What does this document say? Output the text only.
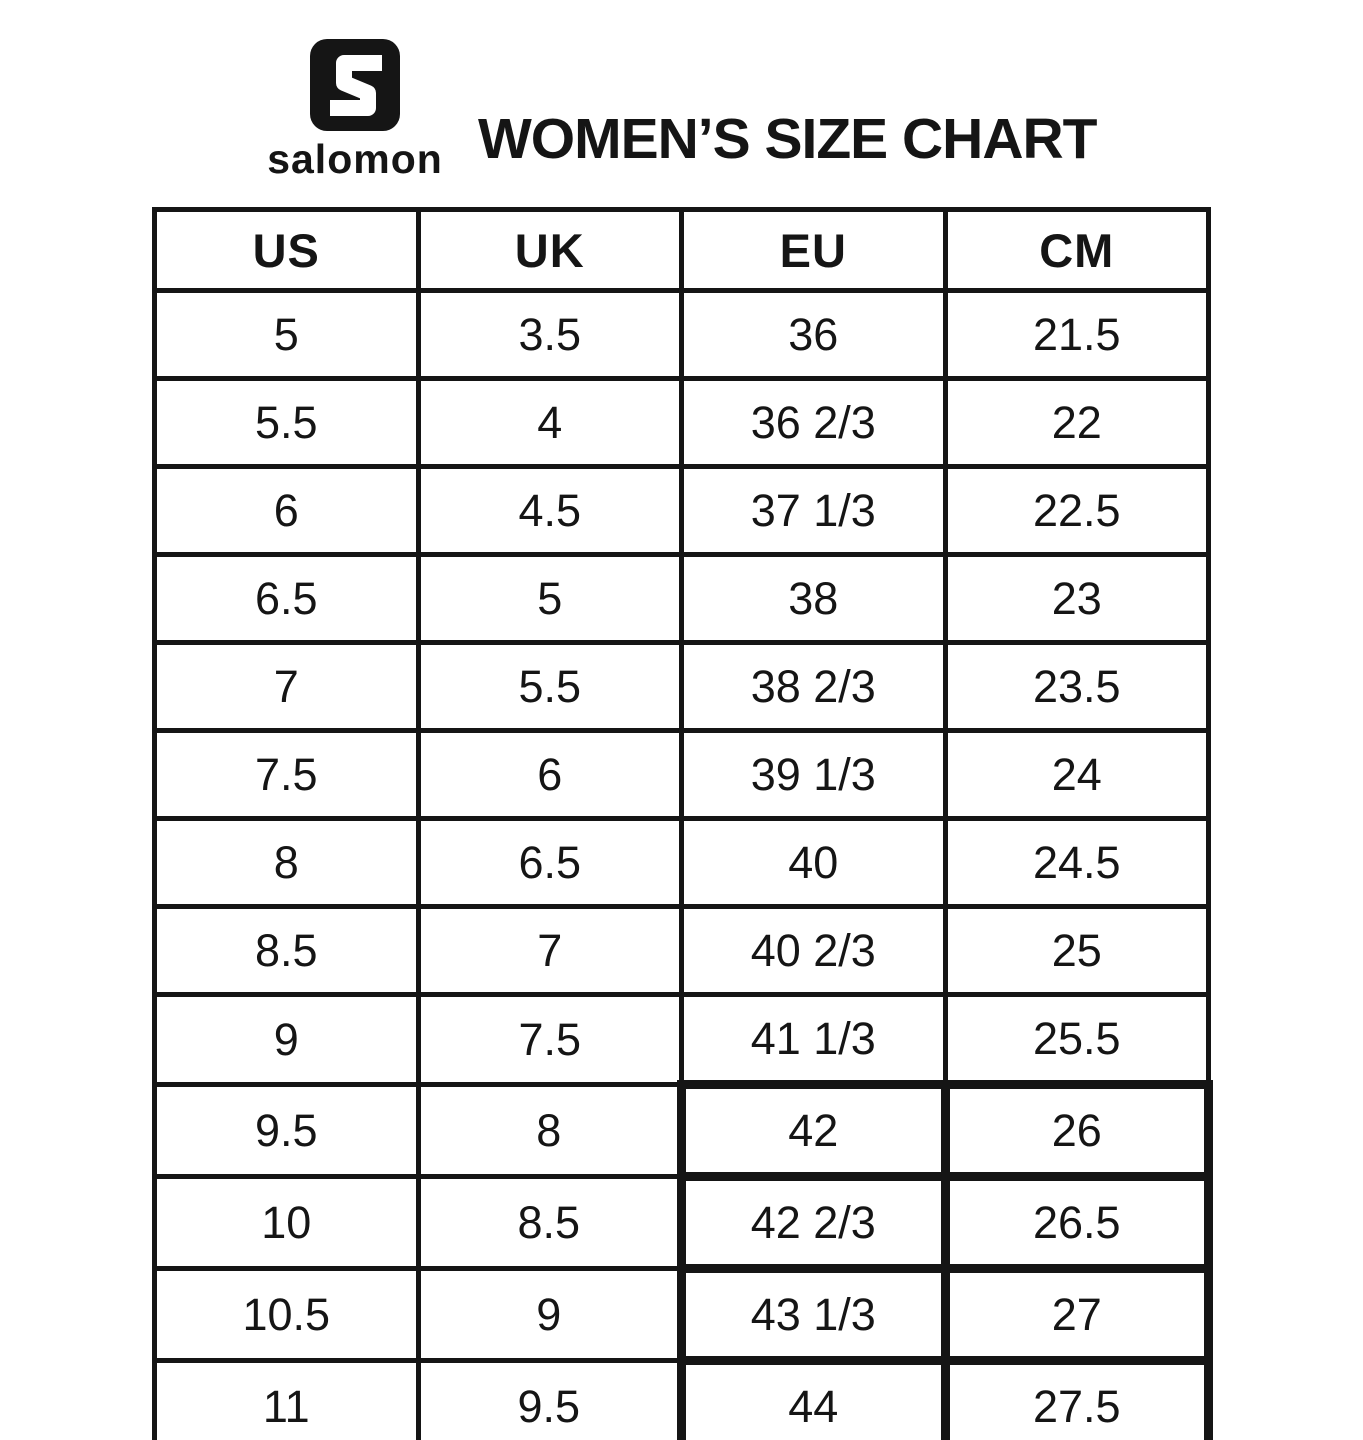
salomon WOMEN’S SIZE CHART
US	UK	EU	CM
5	3.5	36	21.5
5.5	4	36 2/3	22
6	4.5	37 1/3	22.5
6.5	5	38	23
7	5.5	38 2/3	23.5
7.5	6	39 1/3	24
8	6.5	40	24.5
8.5	7	40 2/3	25
9	7.5	41 1/3	25.5
9.5	8	42	26
10	8.5	42 2/3	26.5
10.5	9	43 1/3	27
11	9.5	44	27.5
